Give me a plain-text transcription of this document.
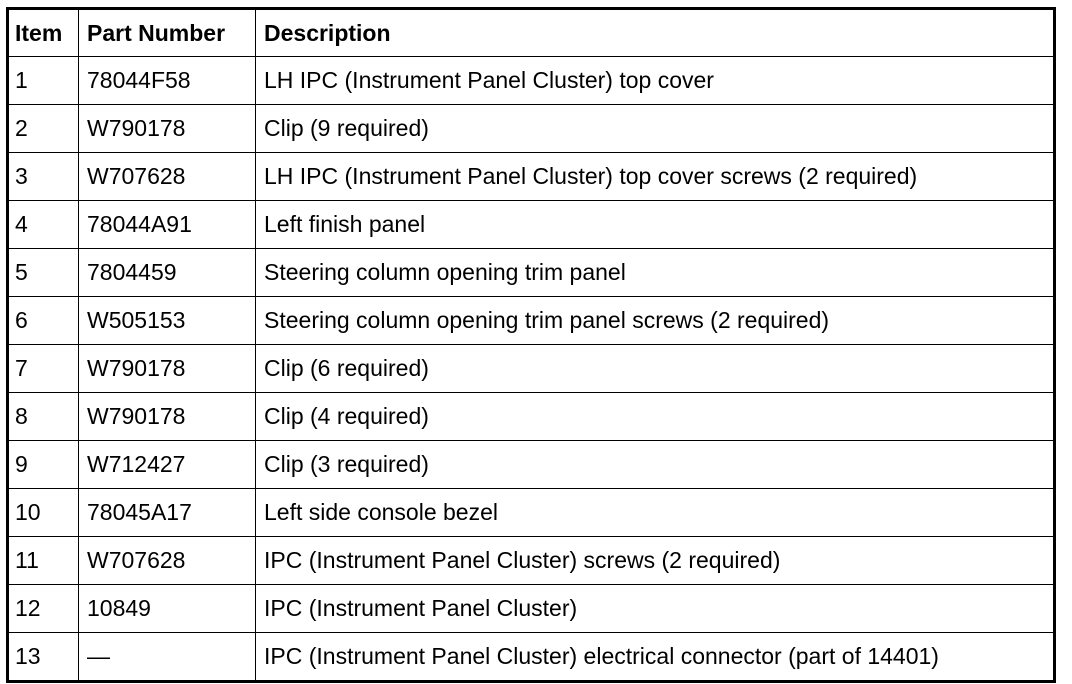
Item	Part Number	Description
1	78044F58	LH IPC (Instrument Panel Cluster) top cover
2	W790178	Clip (9 required)
3	W707628	LH IPC (Instrument Panel Cluster) top cover screws (2 required)
4	78044A91	Left finish panel
5	7804459	Steering column opening trim panel
6	W505153	Steering column opening trim panel screws (2 required)
7	W790178	Clip (6 required)
8	W790178	Clip (4 required)
9	W712427	Clip (3 required)
10	78045A17	Left side console bezel
11	W707628	IPC (Instrument Panel Cluster) screws (2 required)
12	10849	IPC (Instrument Panel Cluster)
13	—	IPC (Instrument Panel Cluster) electrical connector (part of 14401)
